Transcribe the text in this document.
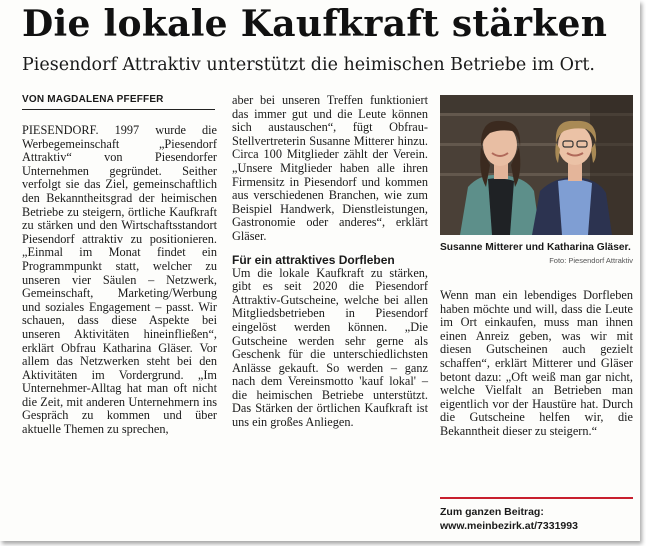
Die lokale Kaufkraft stärken
Piesendorf Attraktiv unterstützt die heimischen Betriebe im Ort.
VON MAGDALENA PFEFFER

PIESENDORF. 1997 wurde die Werbegemeinschaft „Piesendorf Attraktiv“ von Piesendorfer Unternehmen gegründet. Seither verfolgt sie das Ziel, gemeinschaftlich den Bekanntheitsgrad der heimischen Betriebe zu steigern, örtliche Kaufkraft zu stärken und den Wirtschaftsstandort Piesendorf attraktiv zu positionieren. „Einmal im Monat findet ein Programmpunkt statt, welcher zu unseren vier Säulen – Netzwerk, Gemeinschaft, Marketing/Werbung und soziales Engagement – passt. Wir schauen, dass diese Aspekte bei unseren Aktivitäten hineinfließen“, erklärt Obfrau Katharina Gläser. Vor allem das Netzwerken steht bei den Aktivitäten im Vordergrund. „Im Unternehmer-Alltag hat man oft nicht die Zeit, mit anderen Unternehmern ins Gespräch zu kommen und über aktuelle Themen zu sprechen,

aber bei unseren Treffen funktioniert das immer gut und die Leute können sich austauschen“, fügt Obfrau-Stellvertreterin Susanne Mitterer hinzu. Circa 100 Mitglieder zählt der Verein. „Unsere Mitglieder haben alle ihren Firmensitz in Piesendorf und kommen aus verschiedenen Branchen, wie zum Beispiel Handwerk, Dienstleistungen, Gastronomie oder anderes“, erklärt Gläser.

Für ein attraktives Dorfleben

Um die lokale Kaufkraft zu stärken, gibt es seit 2020 die Piesendorf Attraktiv-Gutscheine, welche bei allen Mitgliedsbetrieben in Piesendorf eingelöst werden können. „Die Gutscheine werden sehr gerne als Geschenk für die unterschiedlichsten Anlässe gekauft. So werden – ganz nach dem Vereinsmotto 'kauf lokal' – die heimischen Betriebe unterstützt. Das Stärken der örtlichen Kaufkraft ist uns ein großes Anliegen.

Susanne Mitterer und Katharina Gläser.
Foto: Piesendorf Attraktiv

Wenn man ein lebendiges Dorfleben haben möchte und will, dass die Leute im Ort einkaufen, muss man ihnen einen Anreiz geben, was wir mit diesen Gutscheinen auch gezielt schaffen“, erklärt Mitterer und Gläser betont dazu: „Oft weiß man gar nicht, welche Vielfalt an Betrieben man eigentlich vor der Haustüre hat. Durch die Gutscheine helfen wir, die Bekanntheit dieser zu steigern.“

Zum ganzen Beitrag:
www.meinbezirk.at/7331993
